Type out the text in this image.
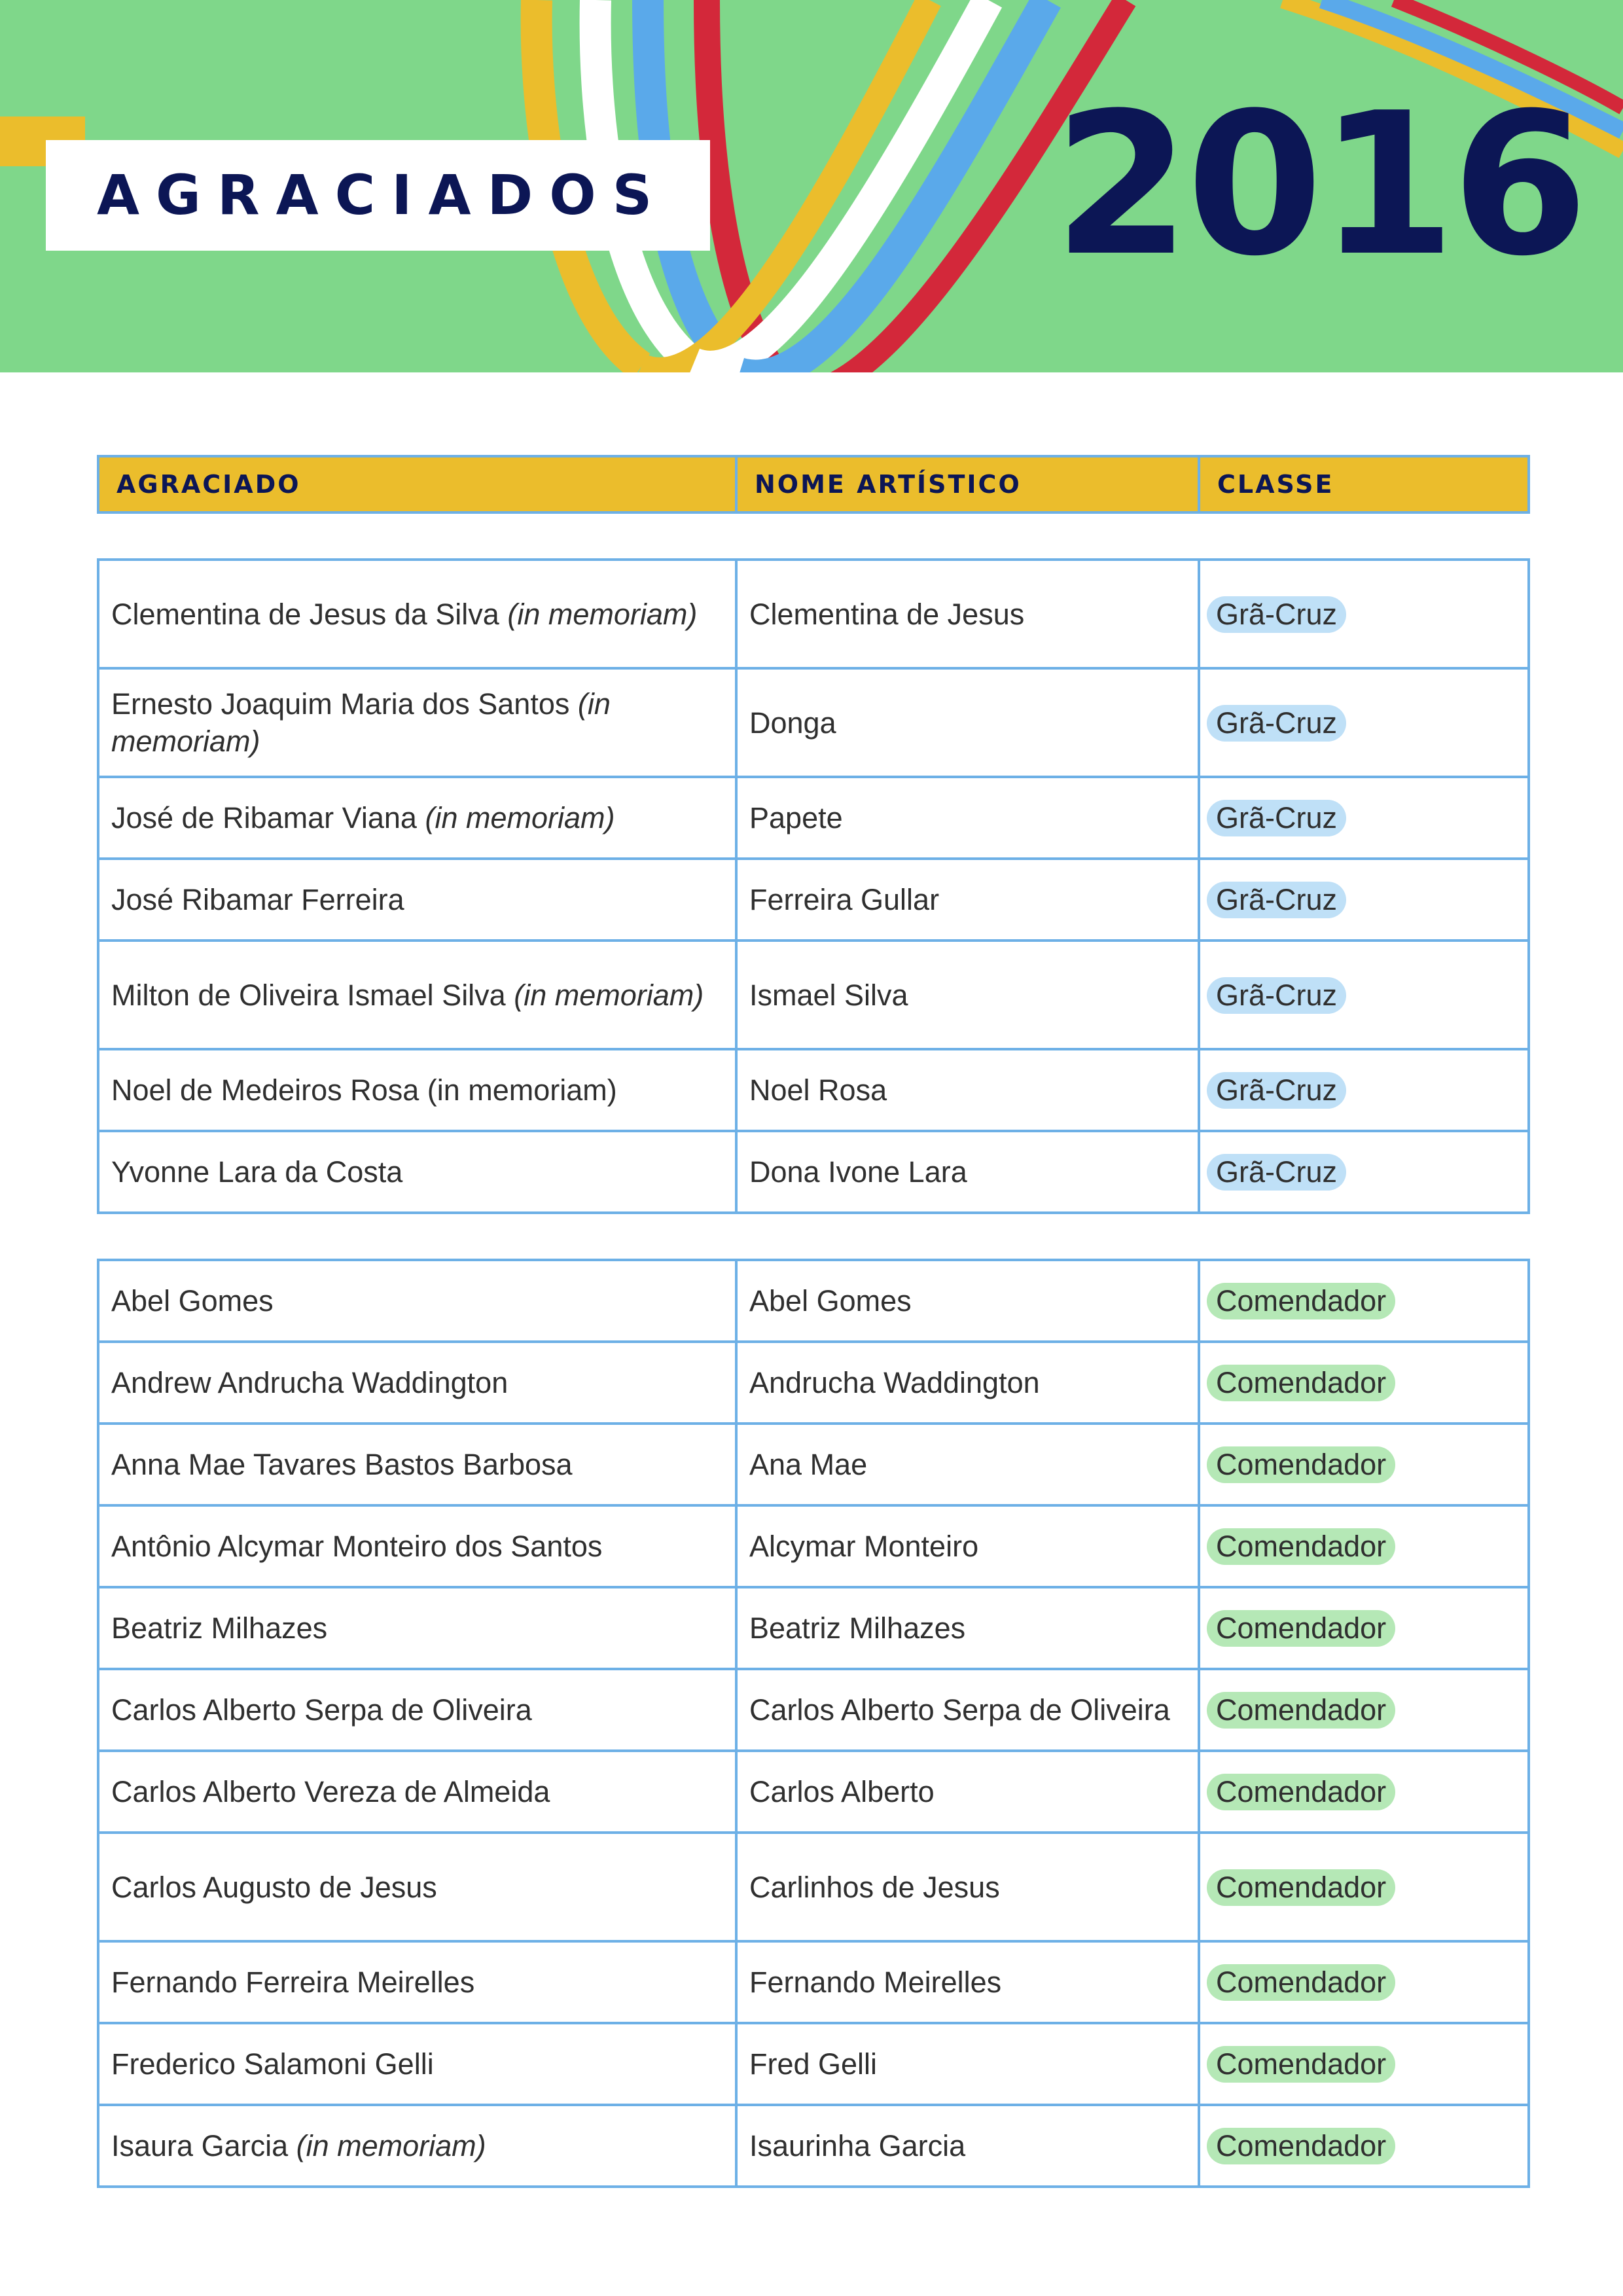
AGRACIADOS 2016
AGRACIADO	NOME ARTÍSTICO	CLASSE
Clementina de Jesus da Silva (in memoriam)	Clementina de Jesus	Grã-Cruz
Ernesto Joaquim Maria dos Santos (in memoriam)	Donga	Grã-Cruz
José de Ribamar Viana (in memoriam)	Papete	Grã-Cruz
José Ribamar Ferreira	Ferreira Gullar	Grã-Cruz
Milton de Oliveira Ismael Silva (in memoriam)	Ismael Silva	Grã-Cruz
Noel de Medeiros Rosa (in memoriam)	Noel Rosa	Grã-Cruz
Yvonne Lara da Costa	Dona Ivone Lara	Grã-Cruz
Abel Gomes	Abel Gomes	Comendador
Andrew Andrucha Waddington	Andrucha Waddington	Comendador
Anna Mae Tavares Bastos Barbosa	Ana Mae	Comendador
Antônio Alcymar Monteiro dos Santos	Alcymar Monteiro	Comendador
Beatriz Milhazes	Beatriz Milhazes	Comendador
Carlos Alberto Serpa de Oliveira	Carlos Alberto Serpa de Oliveira	Comendador
Carlos Alberto Vereza de Almeida	Carlos Alberto	Comendador
Carlos Augusto de Jesus	Carlinhos de Jesus	Comendador
Fernando Ferreira Meirelles	Fernando Meirelles	Comendador
Frederico Salamoni Gelli	Fred Gelli	Comendador
Isaura Garcia (in memoriam)	Isaurinha Garcia	Comendador
